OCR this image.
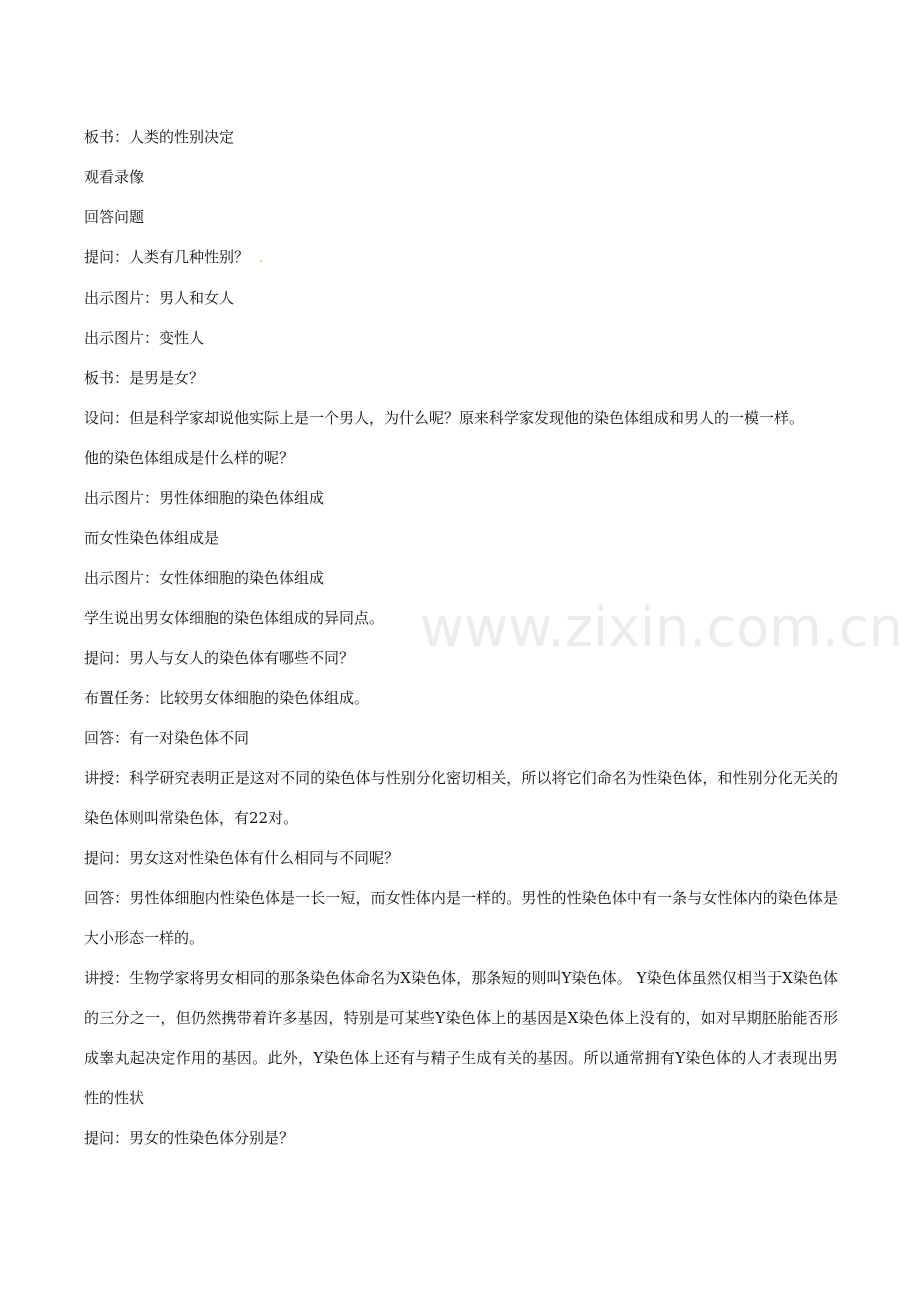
www.zixin.com.cn

板书：人类的性别决定

观看录像

回答问题

提问：人类有几种性别？ .

出示图片：男人和女人

出示图片：变性人

板书：是男是女？

设问：但是科学家却说他实际上是一个男人，为什么呢？原来科学家发现他的染色体组成和男人的一模一样。

他的染色体组成是什么样的呢？

出示图片：男性体细胞的染色体组成

而女性染色体组成是

出示图片：女性体细胞的染色体组成

学生说出男女体细胞的染色体组成的异同点。

提问：男人与女人的染色体有哪些不同？

布置任务：比较男女体细胞的染色体组成。

回答：有一对染色体不同

讲授：科学研究表明正是这对不同的染色体与性别分化密切相关，所以将它们命名为性染色体，和性别分化无关的染色体则叫常染色体，有22对。

提问：男女这对性染色体有什么相同与不同呢？

回答：男性体细胞内性染色体是一长一短，而女性体内是一样的。男性的性染色体中有一条与女性体内的染色体是大小形态一样的。

讲授：生物学家将男女相同的那条染色体命名为X染色体，那条短的则叫Y染色体。 Y染色体虽然仅相当于X染色体的三分之一，但仍然携带着许多基因，特别是可某些Y染色体上的基因是X染色体上没有的，如对早期胚胎能否形成睾丸起决定作用的基因。此外，Y染色体上还有与精子生成有关的基因。所以通常拥有Y染色体的人才表现出男性的性状

提问：男女的性染色体分别是？
